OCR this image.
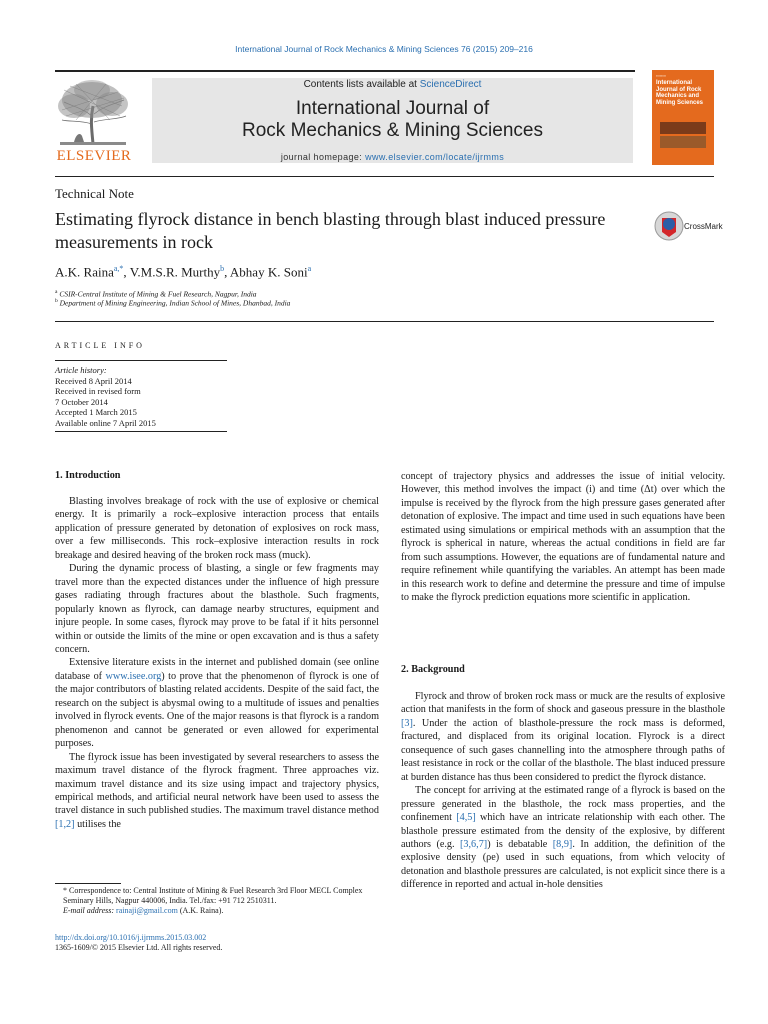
International Journal of Rock Mechanics & Mining Sciences 76 (2015) 209–216
ELSEVIER
Contents lists available at ScienceDirect
International Journal of
Rock Mechanics & Mining Sciences
journal homepage: www.elsevier.com/locate/ijrmms
▪▪▪▪▪▪▪▪
International Journal of Rock Mechanics and Mining Sciences
Technical Note
Estimating flyrock distance in bench blasting through blast induced pressure measurements in rock
CrossMark
A.K. Raina$^{a,*}$, V.M.S.R. Murthy$^b$, Abhay K. Soni$^a$
$^a$ CSIR-Central Institute of Mining & Fuel Research, Nagpur, India
$^b$ Department of Mining Engineering, Indian School of Mines, Dhanbad, India
ARTICLE INFO
Article history:
Received 8 April 2014
Received in revised form
7 October 2014
Accepted 1 March 2015
Available online 7 April 2015
1. Introduction

Blasting involves breakage of rock with the use of explosive or chemical energy. It is primarily a rock–explosive interaction process that entails application of pressure generated by detonation of explosives on rock mass, over a few milliseconds. This rock–explosive interaction results in rock breakage and desired heaving of the broken rock mass (muck).

During the dynamic process of blasting, a single or few fragments may travel more than the expected distances under the influence of high pressure gases radiating through fractures about the blasthole. Such fragments, popularly known as flyrock, can damage nearby structures, equipment and injure people. In some cases, flyrock may prove to be fatal if it hits personnel within or outside the limits of the mine or open excavation and is thus a safety concern.

Extensive literature exists in the internet and published domain (see online database of www.isee.org) to prove that the phenomenon of flyrock is one of the major contributors of blasting related accidents. Despite of the said fact, the research on the subject is abysmal owing to a multitude of issues and penalties involved in flyrock events. One of the major reasons is that flyrock is a random phenomenon and cannot be generated or even allowed for experimental purposes.

The flyrock issue has been investigated by several researchers to assess the maximum travel distance of the flyrock fragment. Three approaches viz. maximum travel distance and its size using impact and trajectory physics, empirical methods, and artificial neural network have been used to assess the travel distance in such published studies. The maximum travel distance method [1,2] utilises the

concept of trajectory physics and addresses the issue of initial velocity. However, this method involves the impact (i) and time (Δt) over which the impulse is received by the flyrock from the high pressure gases generated after detonation of explosive. The impact and time used in such equations have been estimated using simulations or empirical methods with an assumption that the flyrock is spherical in nature, whereas the actual conditions in field are far from such assumptions. However, the equations are of fundamental nature and require refinement while quantifying the variables. An attempt has been made in this research work to define and determine the pressure and time of impulse to make the flyrock prediction equations more scientific in application.

2. Background

Flyrock and throw of broken rock mass or muck are the results of explosive action that manifests in the form of shock and gaseous pressure in the blasthole [3]. Under the action of blasthole-pressure the rock mass is deformed, fractured, and displaced from its original location. Flyrock is a direct consequence of such gases channelling into the atmosphere through paths of least resistance in rock or the collar of the blasthole. The blast induced pressure at burden distance has thus been considered to predict the flyrock distance.

The concept for arriving at the estimated range of a flyrock is based on the pressure generated in the blasthole, the rock mass properties, and the confinement [4,5] which have an intricate relationship with each other. The blasthole pressure estimated from the density of the explosive, by different authors (e.g. [3,6,7]) is debatable [8,9]. In addition, the definition of the explosive density (ρe) used in such equations, from which velocity of detonation and blasthole pressures are calculated, is not explicit since there is a difference in reported and actual in-hole densities

* Correspondence to: Central Institute of Mining & Fuel Research 3rd Floor MECL Complex Seminary Hills, Nagpur 440006, India. Tel./fax: +91 712 2510311.
E-mail address: rainaji@gmail.com (A.K. Raina).
http://dx.doi.org/10.1016/j.ijrmms.2015.03.002
1365-1609/© 2015 Elsevier Ltd. All rights reserved.
